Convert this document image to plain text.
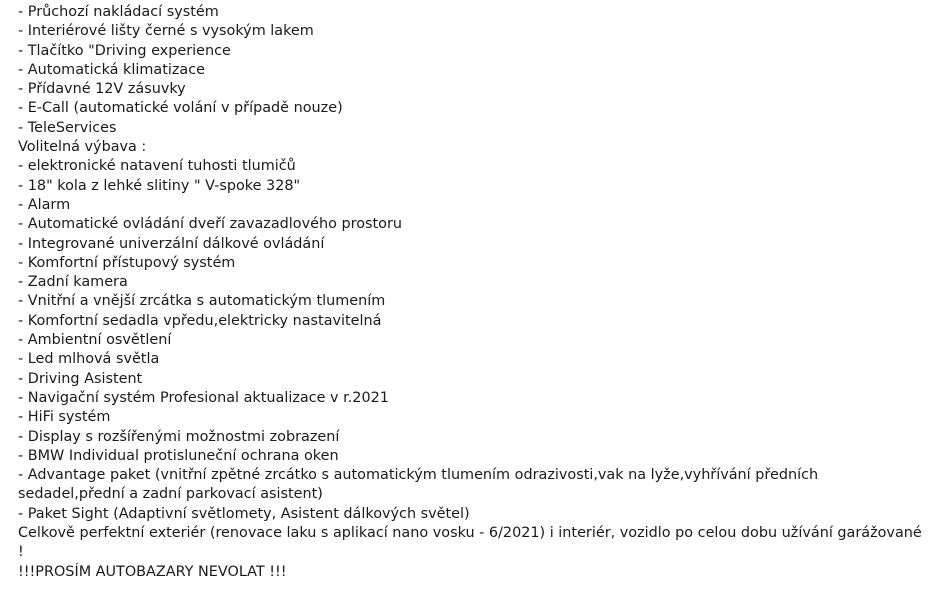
- Průchozí nakládací systém
- Interiérové lišty černé s vysokým lakem
- Tlačítko "Driving experience
- Automatická klimatizace
- Přídavné 12V zásuvky
- E-Call (automatické volání v případě nouze)
- TeleServices
Volitelná výbava :
- elektronické natavení tuhosti tlumičů
- 18" kola z lehké slitiny " V-spoke 328"
- Alarm
- Automatické ovládání dveří zavazadlového prostoru
- Integrované univerzální dálkové ovládání
- Komfortní přístupový systém
- Zadní kamera
- Vnitřní a vnější zrcátka s automatickým tlumením
- Komfortní sedadla vpředu,elektricky nastavitelná
- Ambientní osvětlení
- Led mlhová světla
- Driving Asistent
- Navigační systém Profesional aktualizace v r.2021
- HiFi systém
- Display s rozšířenými možnostmi zobrazení
- BMW Individual protisluneční ochrana oken
- Advantage paket (vnitřní zpětné zrcátko s automatickým tlumením odrazivosti,vak na lyže,vyhřívání předních sedadel,přední a zadní parkovací asistent)
- Paket Sight (Adaptivní světlomety, Asistent dálkových světel)
Celkově perfektní exteriér (renovace laku s aplikací nano vosku - 6/2021) i interiér, vozidlo po celou dobu užívání garážované !
!!!PROSÍM AUTOBAZARY NEVOLAT !!!
